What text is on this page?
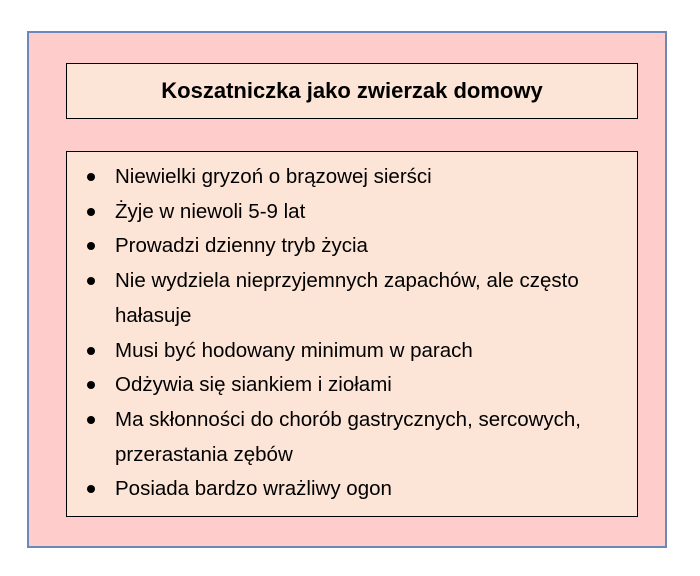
Koszatniczka jako zwierzak domowy
Niewielki gryzoń o brązowej sierści
Żyje w niewoli 5-9 lat
Prowadzi dzienny tryb życia
Nie wydziela nieprzyjemnych zapachów, ale często hałasuje
Musi być hodowany minimum w parach
Odżywia się siankiem i ziołami
Ma skłonności do chorób gastrycznych, sercowych, przerastania zębów
Posiada bardzo wrażliwy ogon
